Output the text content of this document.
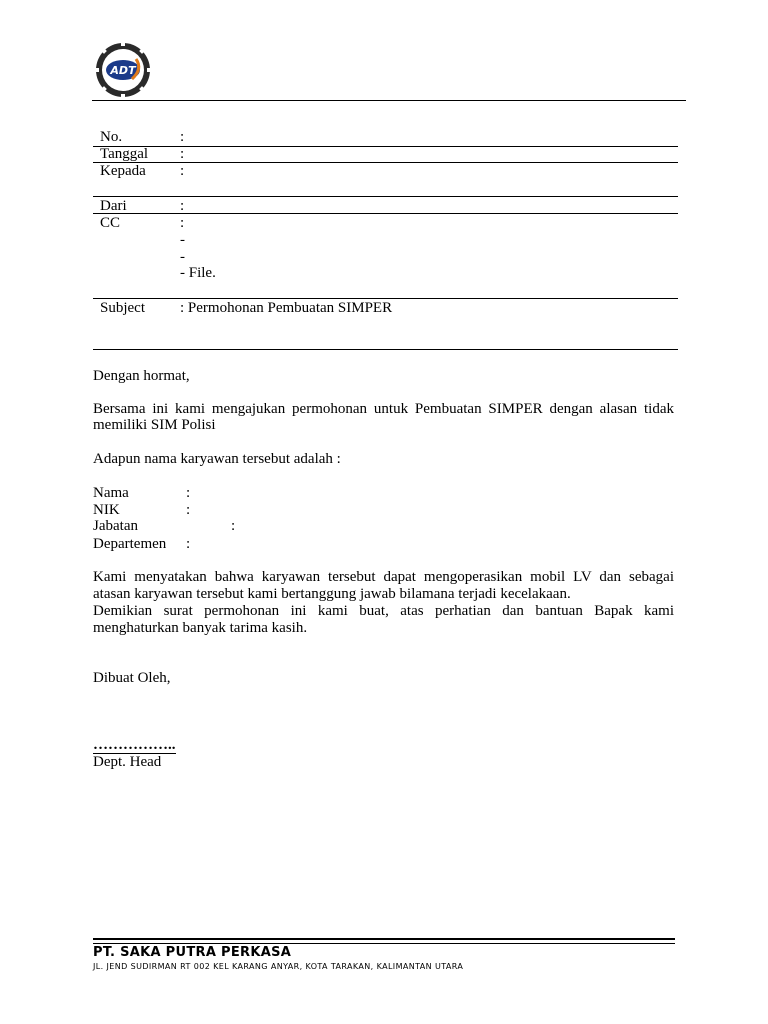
ADT
No.	:
Tanggal :
Kepada :
Dari	:
CC	:
-
-
- File.
Subject : Permohonan Pembuatan SIMPER
Dengan hormat,
Bersama ini kami mengajukan permohonan untuk Pembuatan SIMPER dengan alasan tidak
memiliki SIM Polisi
Adapun nama karyawan tersebut adalah :
Nama	:
NIK	:
Jabatan	:
Departemen :
Kami menyatakan bahwa karyawan tersebut dapat mengoperasikan mobil LV dan sebagai
atasan karyawan tersebut kami bertanggung jawab bilamana terjadi kecelakaan.
Demikian surat permohonan ini kami buat, atas perhatian dan bantuan Bapak kami
menghaturkan banyak tarima kasih.
Dibuat Oleh,
……………..
Dept. Head
PT. SAKA PUTRA PERKASA
JL. JEND SUDIRMAN RT 002 KEL KARANG ANYAR, KOTA TARAKAN, KALIMANTAN UTARA
